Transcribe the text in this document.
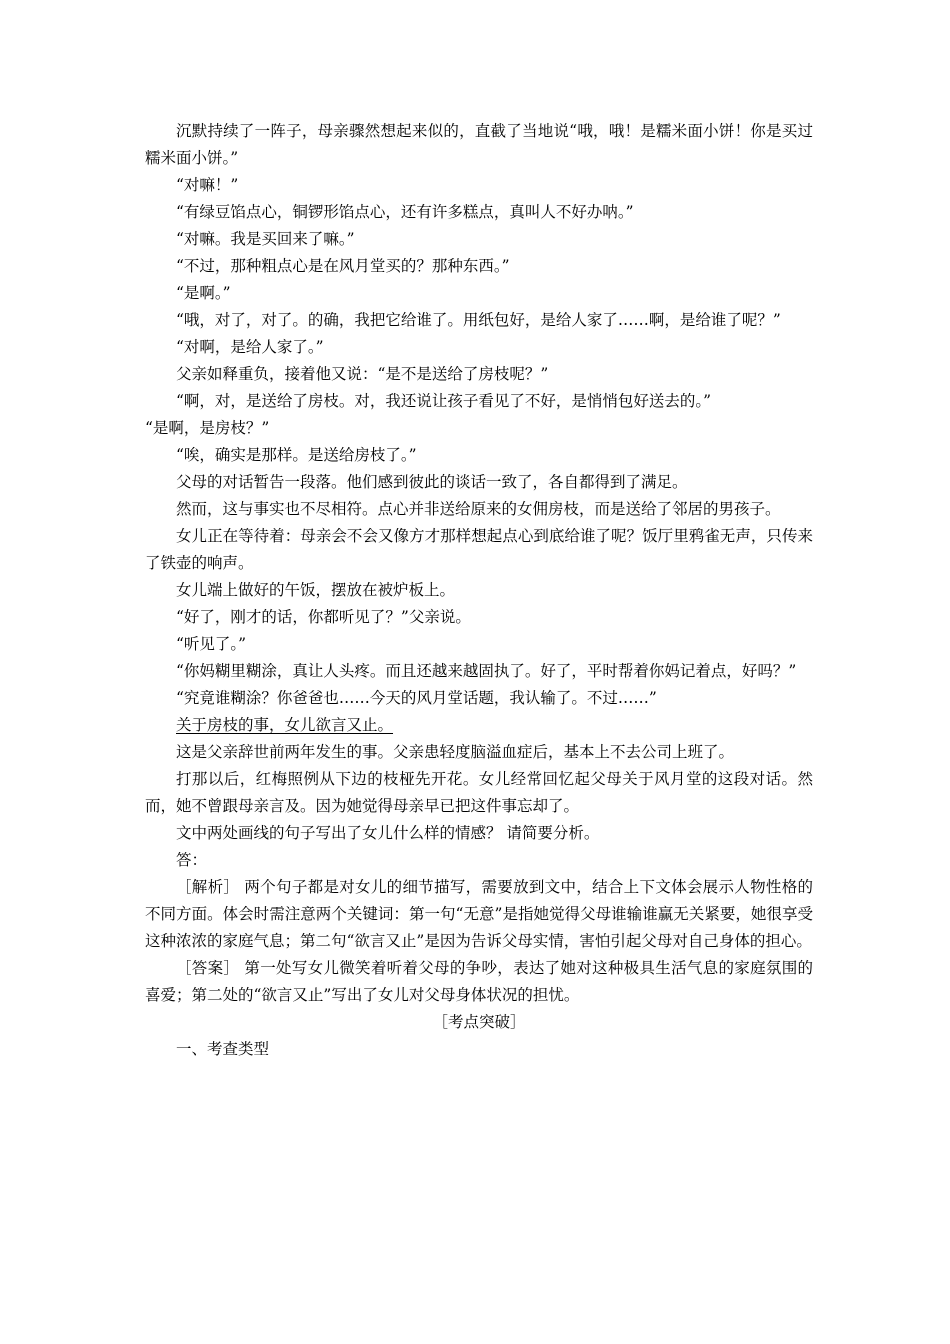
沉默持续了一阵子，母亲骤然想起来似的，直截了当地说“哦，哦！是糯米面小饼！你是买过糯米面小饼。”

“对嘛！”

“有绿豆馅点心，铜锣形馅点心，还有许多糕点，真叫人不好办呐。”

“对嘛。我是买回来了嘛。”

“不过，那种粗点心是在风月堂买的？那种东西。”

“是啊。”

“哦，对了，对了。的确，我把它给谁了。用纸包好，是给人家了……啊，是给谁了呢？”

“对啊，是给人家了。”

父亲如释重负，接着他又说：“是不是送给了房枝呢？”

“啊，对，是送给了房枝。对，我还说让孩子看见了不好，是悄悄包好送去的。”

“是啊，是房枝？”

“唉，确实是那样。是送给房枝了。”

父母的对话暂告一段落。他们感到彼此的谈话一致了，各自都得到了满足。

然而，这与事实也不尽相符。点心并非送给原来的女佣房枝，而是送给了邻居的男孩子。

女儿正在等待着：母亲会不会又像方才那样想起点心到底给谁了呢？饭厅里鸦雀无声，只传来了铁壶的响声。

女儿端上做好的午饭，摆放在被炉板上。

“好了，刚才的话，你都听见了？”父亲说。

“听见了。”

“你妈糊里糊涂，真让人头疼。而且还越来越固执了。好了，平时帮着你妈记着点，好吗？”

“究竟谁糊涂？你爸爸也……今天的风月堂话题，我认输了。不过……”

关于房枝的事，女儿欲言又止。

这是父亲辞世前两年发生的事。父亲患轻度脑溢血症后，基本上不去公司上班了。

打那以后，红梅照例从下边的枝桠先开花。女儿经常回忆起父母关于风月堂的这段对话。然而，她不曾跟母亲言及。因为她觉得母亲早已把这件事忘却了。

文中两处画线的句子写出了女儿什么样的情感？ 请简要分析。

答：

［解析］ 两个句子都是对女儿的细节描写，需要放到文中，结合上下文体会展示人物性格的不同方面。体会时需注意两个关键词：第一句“无意”是指她觉得父母谁输谁赢无关紧要，她很享受这种浓浓的家庭气息；第二句“欲言又止”是因为告诉父母实情，害怕引起父母对自己身体的担心。

［答案］ 第一处写女儿微笑着听着父母的争吵，表达了她对这种极具生活气息的家庭氛围的喜爱；第二处的“欲言又止”写出了女儿对父母身体状况的担忧。

［考点突破］

一、考查类型
